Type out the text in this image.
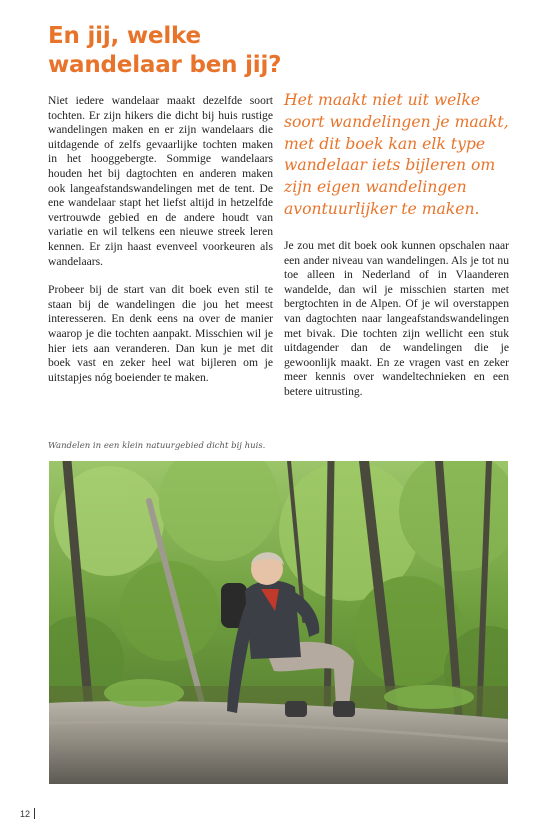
En jij, welke
wandelaar ben jij?

Niet iedere wandelaar maakt dezelfde soort tochten. Er zijn hikers die dicht bij huis rustige wandelingen maken en er zijn wandelaars die uitdagende of zelfs gevaarlijke tochten maken in het hooggebergte. Sommige wandelaars houden het bij dagtochten en anderen maken ook langeafstandswandelingen met de tent. De ene wandelaar stapt het liefst altijd in hetzelfde vertrouwde gebied en de andere houdt van variatie en wil telkens een nieuwe streek leren kennen. Er zijn haast evenveel voorkeuren als wandelaars.

Probeer bij de start van dit boek even stil te staan bij de wandelingen die jou het meest interesseren. En denk eens na over de manier waarop je die tochten aanpakt. Misschien wil je hier iets aan veranderen. Dan kun je met dit boek vast en zeker heel wat bijleren om je uitstapjes nóg boeiender te maken.

Het maakt niet uit welke soort wandelingen je maakt, met dit boek kan elk type wandelaar iets bijleren om zijn eigen wandelingen avontuurlijker te maken.

Je zou met dit boek ook kunnen opschalen naar een ander niveau van wandelingen. Als je tot nu toe alleen in Nederland of in Vlaanderen wandelde, dan wil je misschien starten met bergtochten in de Alpen. Of je wil overstappen van dagtochten naar langeafstandswandelingen met bivak. Die tochten zijn wellicht een stuk uitdagender dan de wandelingen die je gewoonlijk maakt. En ze vragen vast en zeker meer kennis over wandeltechnieken en een betere uitrusting.

Wandelen in een klein natuurgebied dicht bij huis.

12
